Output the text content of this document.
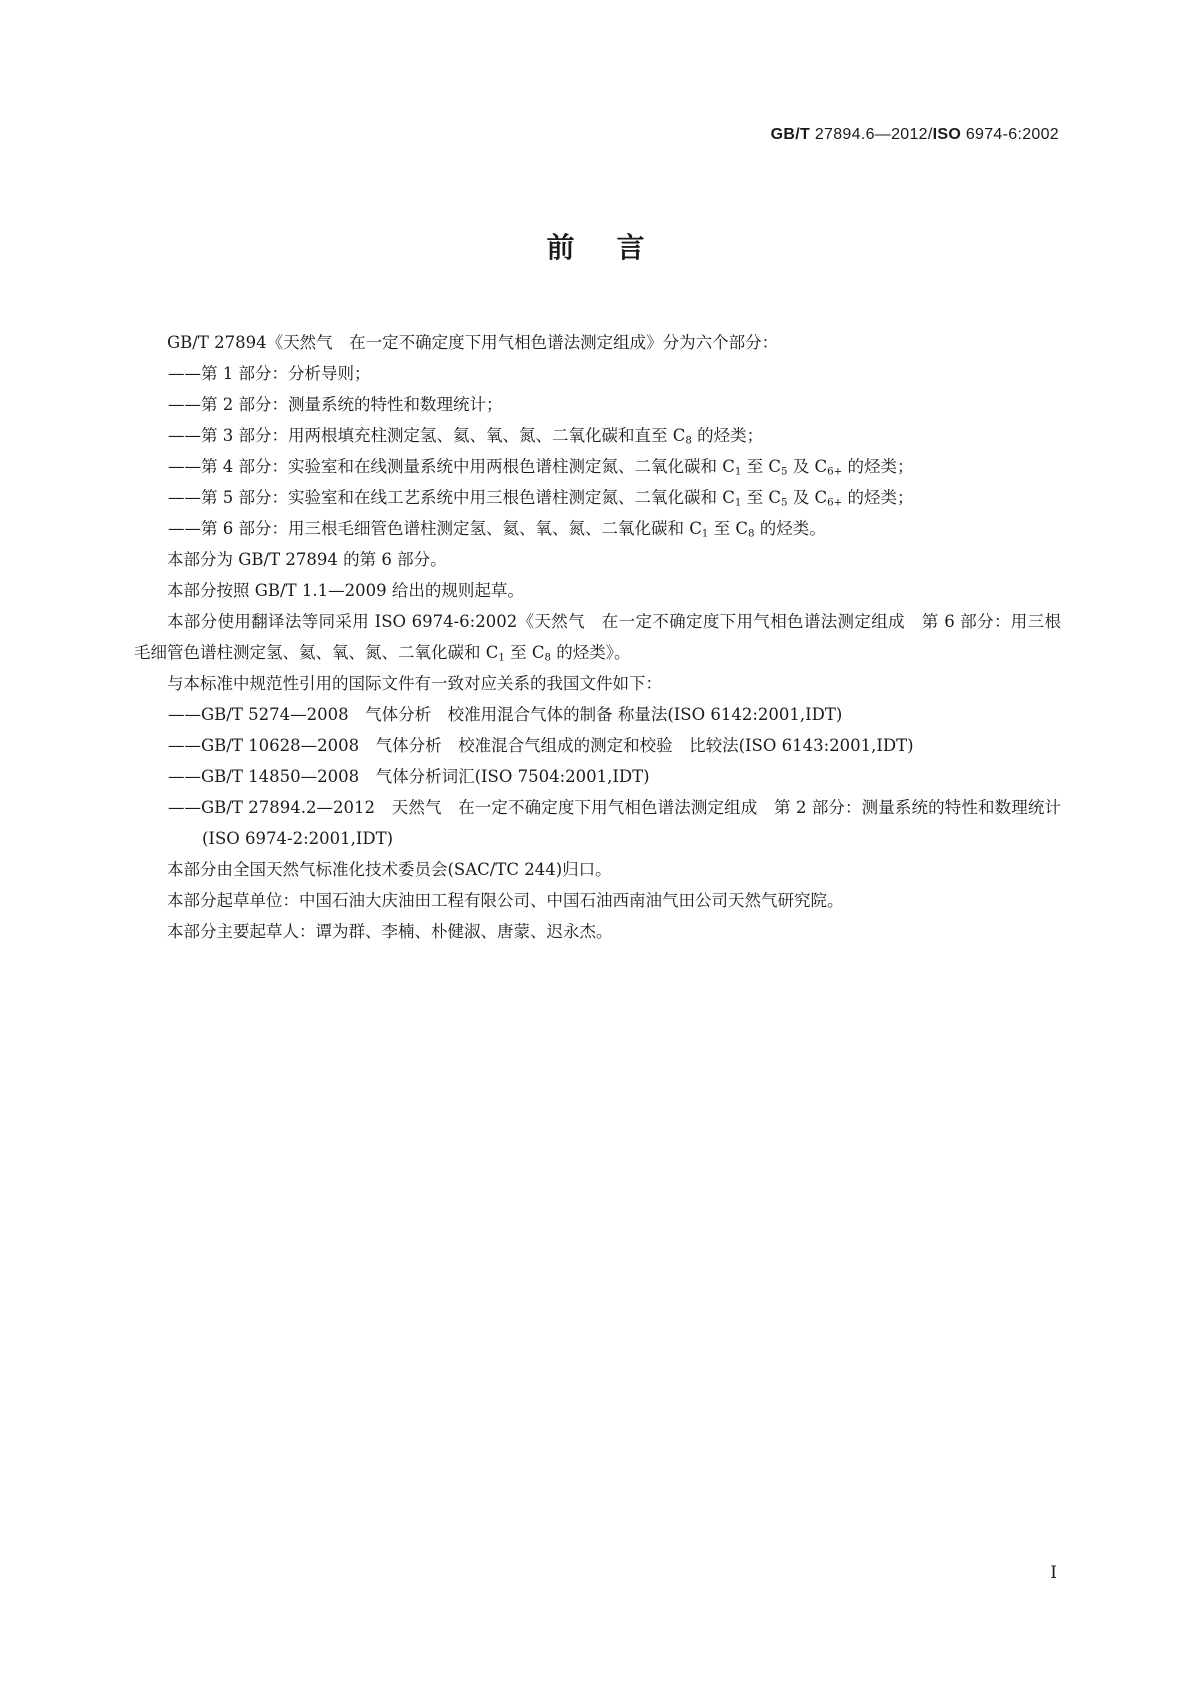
GB/T 27894.6—2012/ISO 6974-6:2002
前言

GB/T 27894《天然气　在一定不确定度下用气相色谱法测定组成》分为六个部分：

——第 1 部分：分析导则；

——第 2 部分：测量系统的特性和数理统计；

——第 3 部分：用两根填充柱测定氢、氦、氧、氮、二氧化碳和直至 $C_8$ 的烃类；

——第 4 部分：实验室和在线测量系统中用两根色谱柱测定氮、二氧化碳和 $C_1$ 至 $C_5$ 及 $C_{6+}$ 的烃类；

——第 5 部分：实验室和在线工艺系统中用三根色谱柱测定氮、二氧化碳和 $C_1$ 至 $C_5$ 及 $C_{6+}$ 的烃类；

——第 6 部分：用三根毛细管色谱柱测定氢、氦、氧、氮、二氧化碳和 $C_1$ 至 $C_8$ 的烃类。

本部分为 GB/T 27894 的第 6 部分。

本部分按照 GB/T 1.1—2009 给出的规则起草。

本部分使用翻译法等同采用 ISO 6974-6:2002《天然气　在一定不确定度下用气相色谱法测定组成　第 6 部分：用三根毛细管色谱柱测定氢、氦、氧、氮、二氧化碳和 $C_1$ 至 $C_8$ 的烃类》。

与本标准中规范性引用的国际文件有一致对应关系的我国文件如下：

——GB/T 5274—2008　气体分析　校准用混合气体的制备 称量法(ISO 6142:2001,IDT)

——GB/T 10628—2008　气体分析　校准混合气组成的测定和校验　比较法(ISO 6143:2001,IDT)

——GB/T 14850—2008　气体分析词汇(ISO 7504:2001,IDT)

——GB/T 27894.2—2012　天然气　在一定不确定度下用气相色谱法测定组成　第 2 部分：测量系统的特性和数理统计(ISO 6974-2:2001,IDT)

本部分由全国天然气标准化技术委员会(SAC/TC 244)归口。

本部分起草单位：中国石油大庆油田工程有限公司、中国石油西南油气田公司天然气研究院。

本部分主要起草人：谭为群、李楠、朴健淑、唐蒙、迟永杰。

I
